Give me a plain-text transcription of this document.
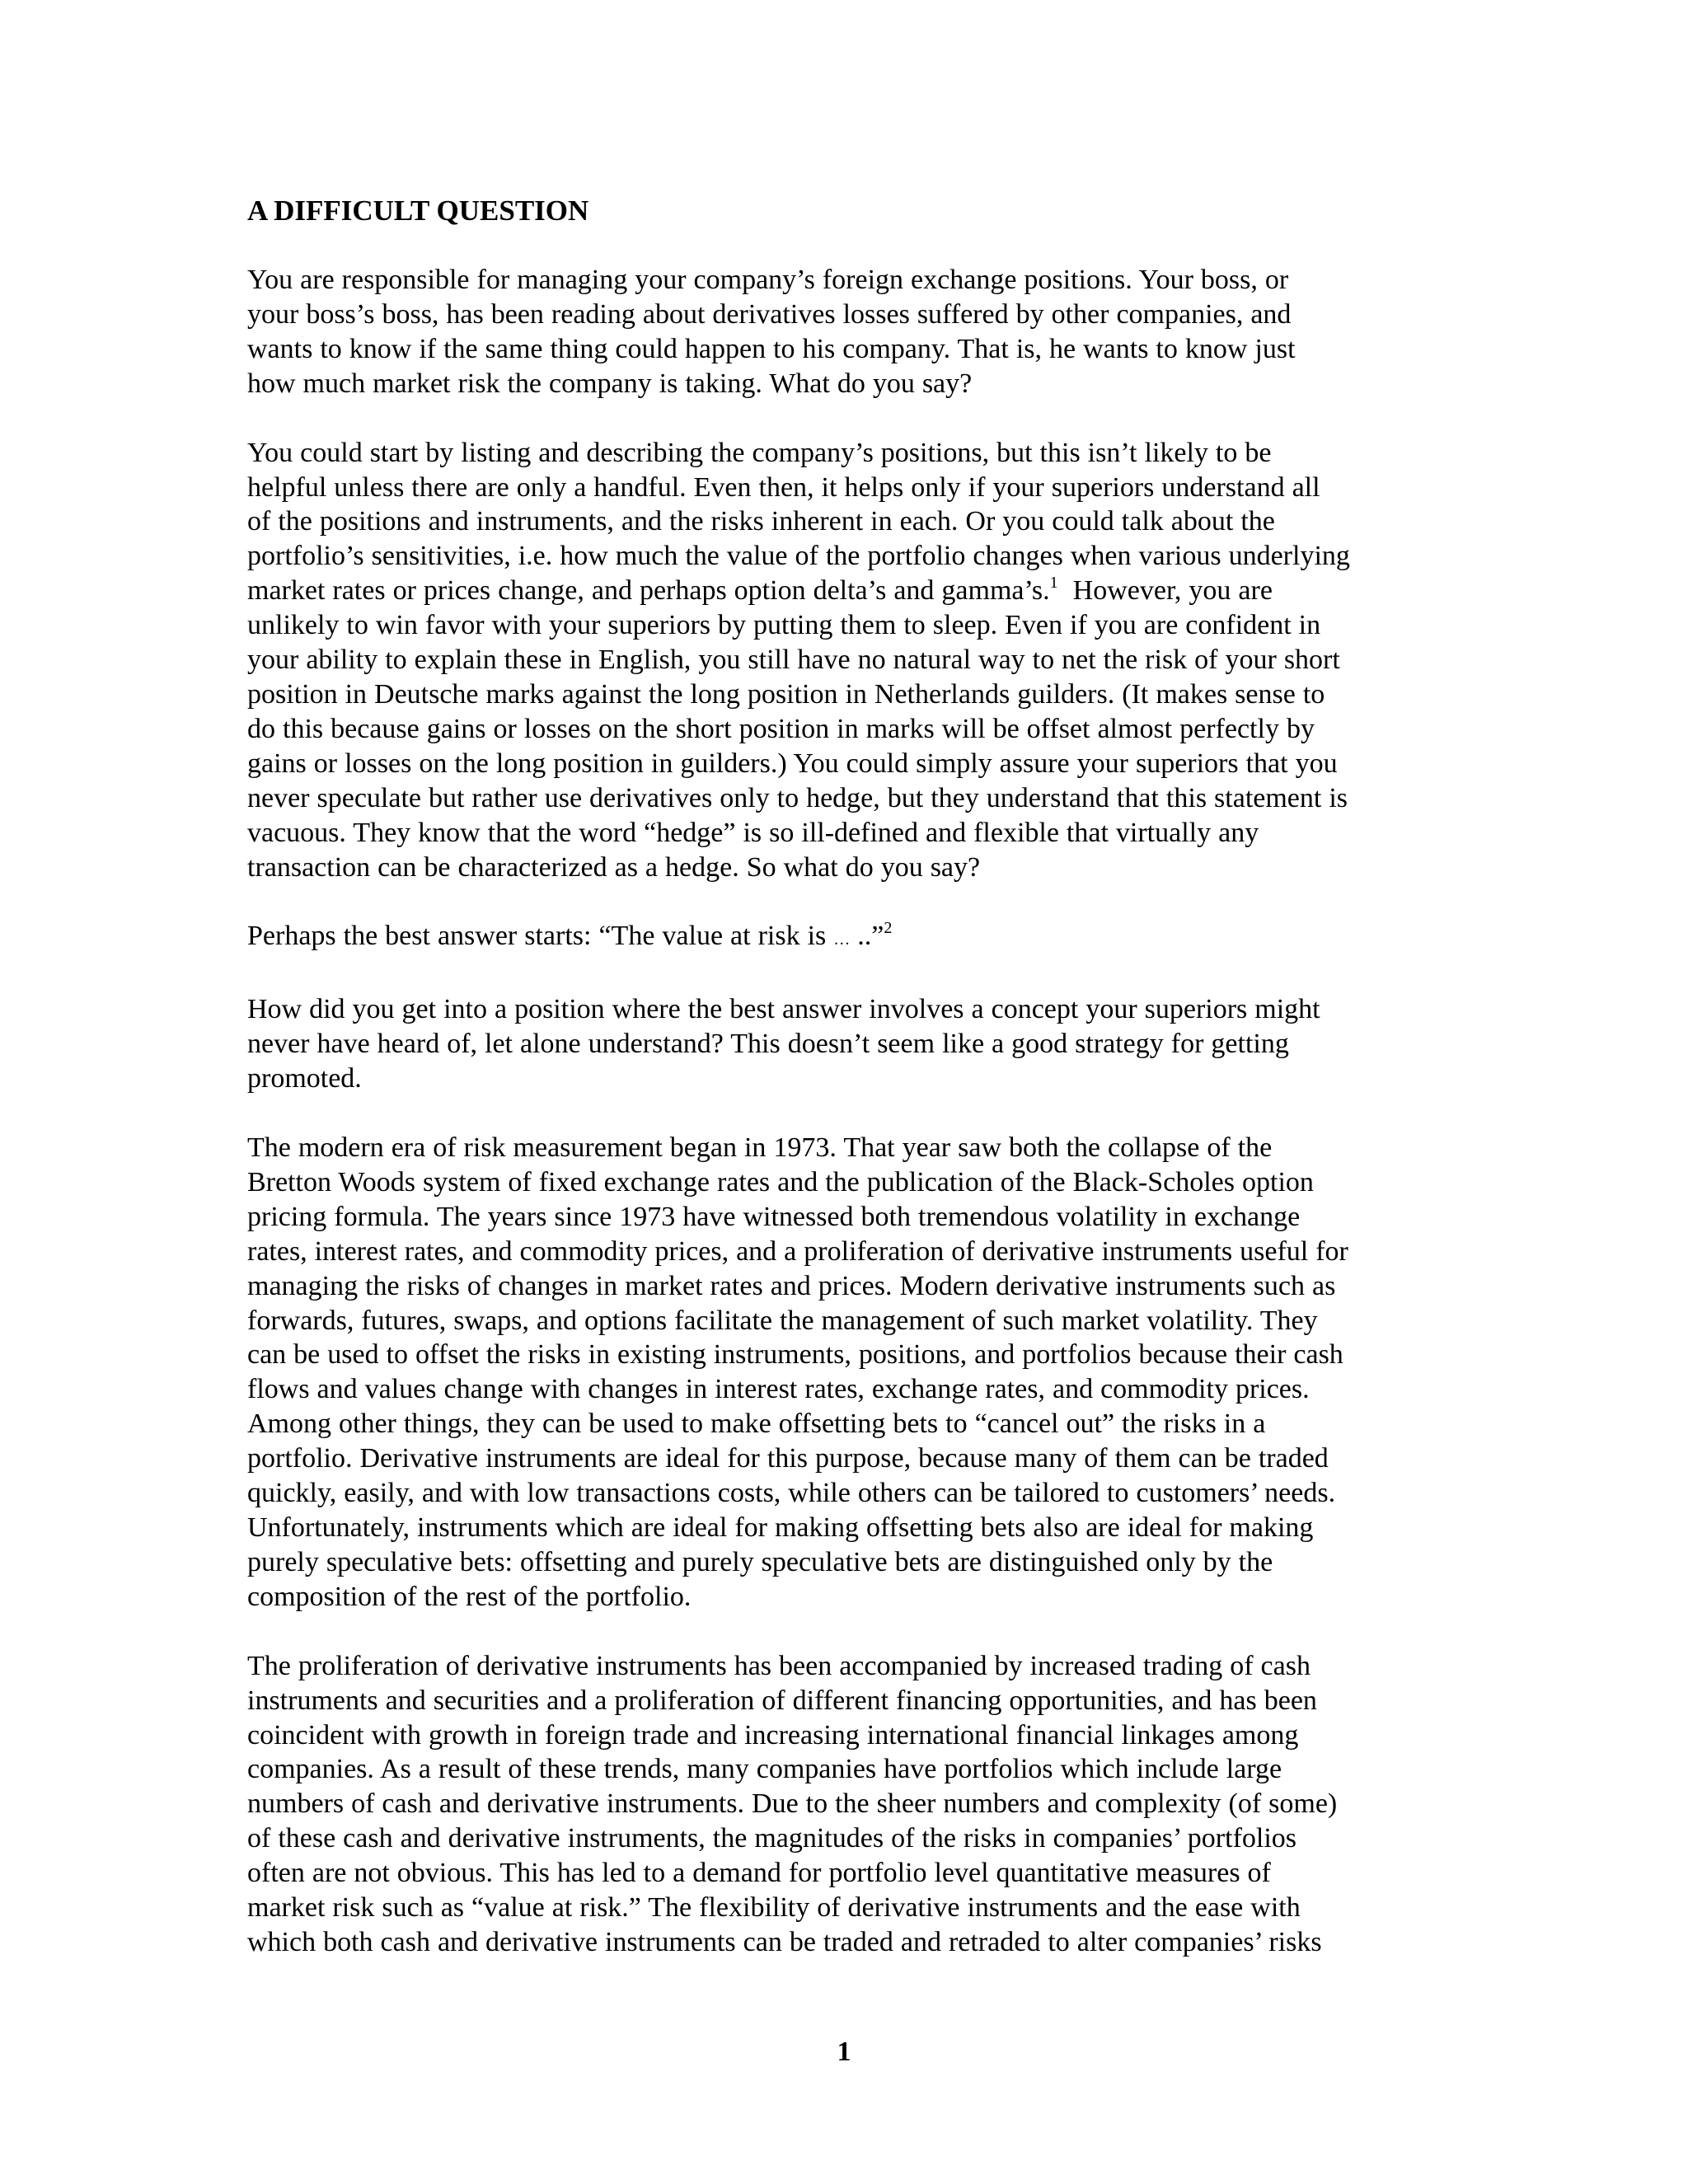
A DIFFICULT QUESTION

You are responsible for managing your company’s foreign exchange positions. Your boss, or
your boss’s boss, has been reading about derivatives losses suffered by other companies, and
wants to know if the same thing could happen to his company. That is, he wants to know just
how much market risk the company is taking. What do you say?

You could start by listing and describing the company’s positions, but this isn’t likely to be
helpful unless there are only a handful. Even then, it helps only if your superiors understand all
of the positions and instruments, and the risks inherent in each. Or you could talk about the
portfolio’s sensitivities, i.e. how much the value of the portfolio changes when various underlying
market rates or prices change, and perhaps option delta’s and gamma’s.$^1$  However, you are
unlikely to win favor with your superiors by putting them to sleep. Even if you are confident in
your ability to explain these in English, you still have no natural way to net the risk of your short
position in Deutsche marks against the long position in Netherlands guilders. (It makes sense to
do this because gains or losses on the short position in marks will be offset almost perfectly by
gains or losses on the long position in guilders.) You could simply assure your superiors that you
never speculate but rather use derivatives only to hedge, but they understand that this statement is
vacuous. They know that the word “hedge” is so ill-defined and flexible that virtually any
transaction can be characterized as a hedge. So what do you say?

Perhaps the best answer starts: “The value at risk is … ..”$^2$

How did you get into a position where the best answer involves a concept your superiors might
never have heard of, let alone understand? This doesn’t seem like a good strategy for getting
promoted.

The modern era of risk measurement began in 1973. That year saw both the collapse of the
Bretton Woods system of fixed exchange rates and the publication of the Black-Scholes option
pricing formula. The years since 1973 have witnessed both tremendous volatility in exchange
rates, interest rates, and commodity prices, and a proliferation of derivative instruments useful for
managing the risks of changes in market rates and prices. Modern derivative instruments such as
forwards, futures, swaps, and options facilitate the management of such market volatility. They
can be used to offset the risks in existing instruments, positions, and portfolios because their cash
flows and values change with changes in interest rates, exchange rates, and commodity prices.
Among other things, they can be used to make offsetting bets to “cancel out” the risks in a
portfolio. Derivative instruments are ideal for this purpose, because many of them can be traded
quickly, easily, and with low transactions costs, while others can be tailored to customers’ needs.
Unfortunately, instruments which are ideal for making offsetting bets also are ideal for making
purely speculative bets: offsetting and purely speculative bets are distinguished only by the
composition of the rest of the portfolio.

The proliferation of derivative instruments has been accompanied by increased trading of cash
instruments and securities and a proliferation of different financing opportunities, and has been
coincident with growth in foreign trade and increasing international financial linkages among
companies. As a result of these trends, many companies have portfolios which include large
numbers of cash and derivative instruments. Due to the sheer numbers and complexity (of some)
of these cash and derivative instruments, the magnitudes of the risks in companies’ portfolios
often are not obvious. This has led to a demand for portfolio level quantitative measures of
market risk such as “value at risk.” The flexibility of derivative instruments and the ease with
which both cash and derivative instruments can be traded and retraded to alter companies’ risks

1
